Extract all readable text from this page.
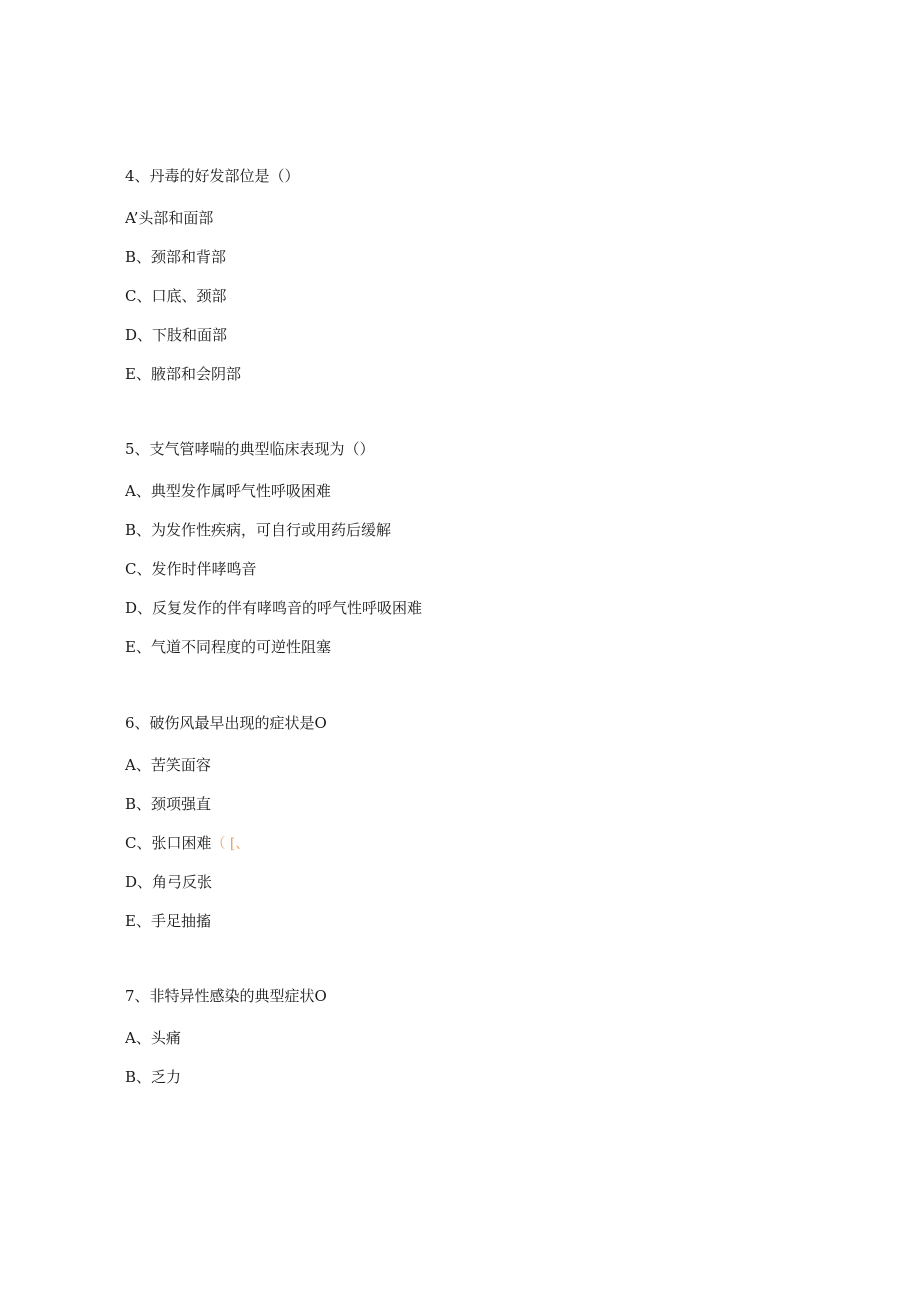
4、丹毒的好发部位是（）
A’头部和面部
B、颈部和背部
C、口底、颈部
D、下肢和面部
E、腋部和会阴部
5、支气管哮喘的典型临床表现为（）
A、典型发作属呼气性呼吸困难
B、为发作性疾病，可自行或用药后缓解
C、发作时伴哮鸣音
D、反复发作的伴有哮鸣音的呼气性呼吸困难
E、气道不同程度的可逆性阻塞
6、破伤风最早出现的症状是O
A、苦笑面容
B、颈项强直
C、张口困难（ [、
D、角弓反张
E、手足抽搐
7、非特异性感染的典型症状O
A、头痛
B、乏力
